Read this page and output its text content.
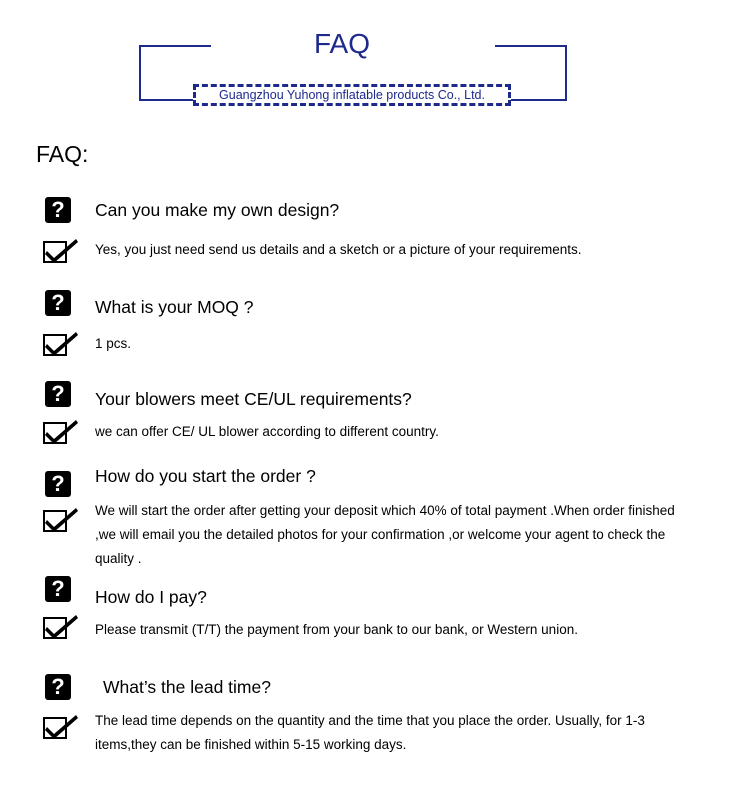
FAQ
Guangzhou Yuhong inflatable products Co., Ltd.
FAQ:
?	Can you make my own design?
Yes, you just need send us details and a sketch or a picture of your requirements.
?	What is your MOQ ?
1 pcs.
?	Your blowers meet CE/UL requirements?
we can offer CE/ UL blower according to different country.
?	How do you start the order ?
We will start the order after getting your deposit which 40% of total payment .When order finished ,we will email you the detailed photos for your confirmation ,or welcome your agent to check the quality .
?	How do I pay?
Please transmit (T/T) the payment from your bank to our bank, or Western union.
?	What’s the lead time?
The lead time depends on the quantity and the time that you place the order. Usually, for 1-3 items,they can be finished within 5-15 working days.
